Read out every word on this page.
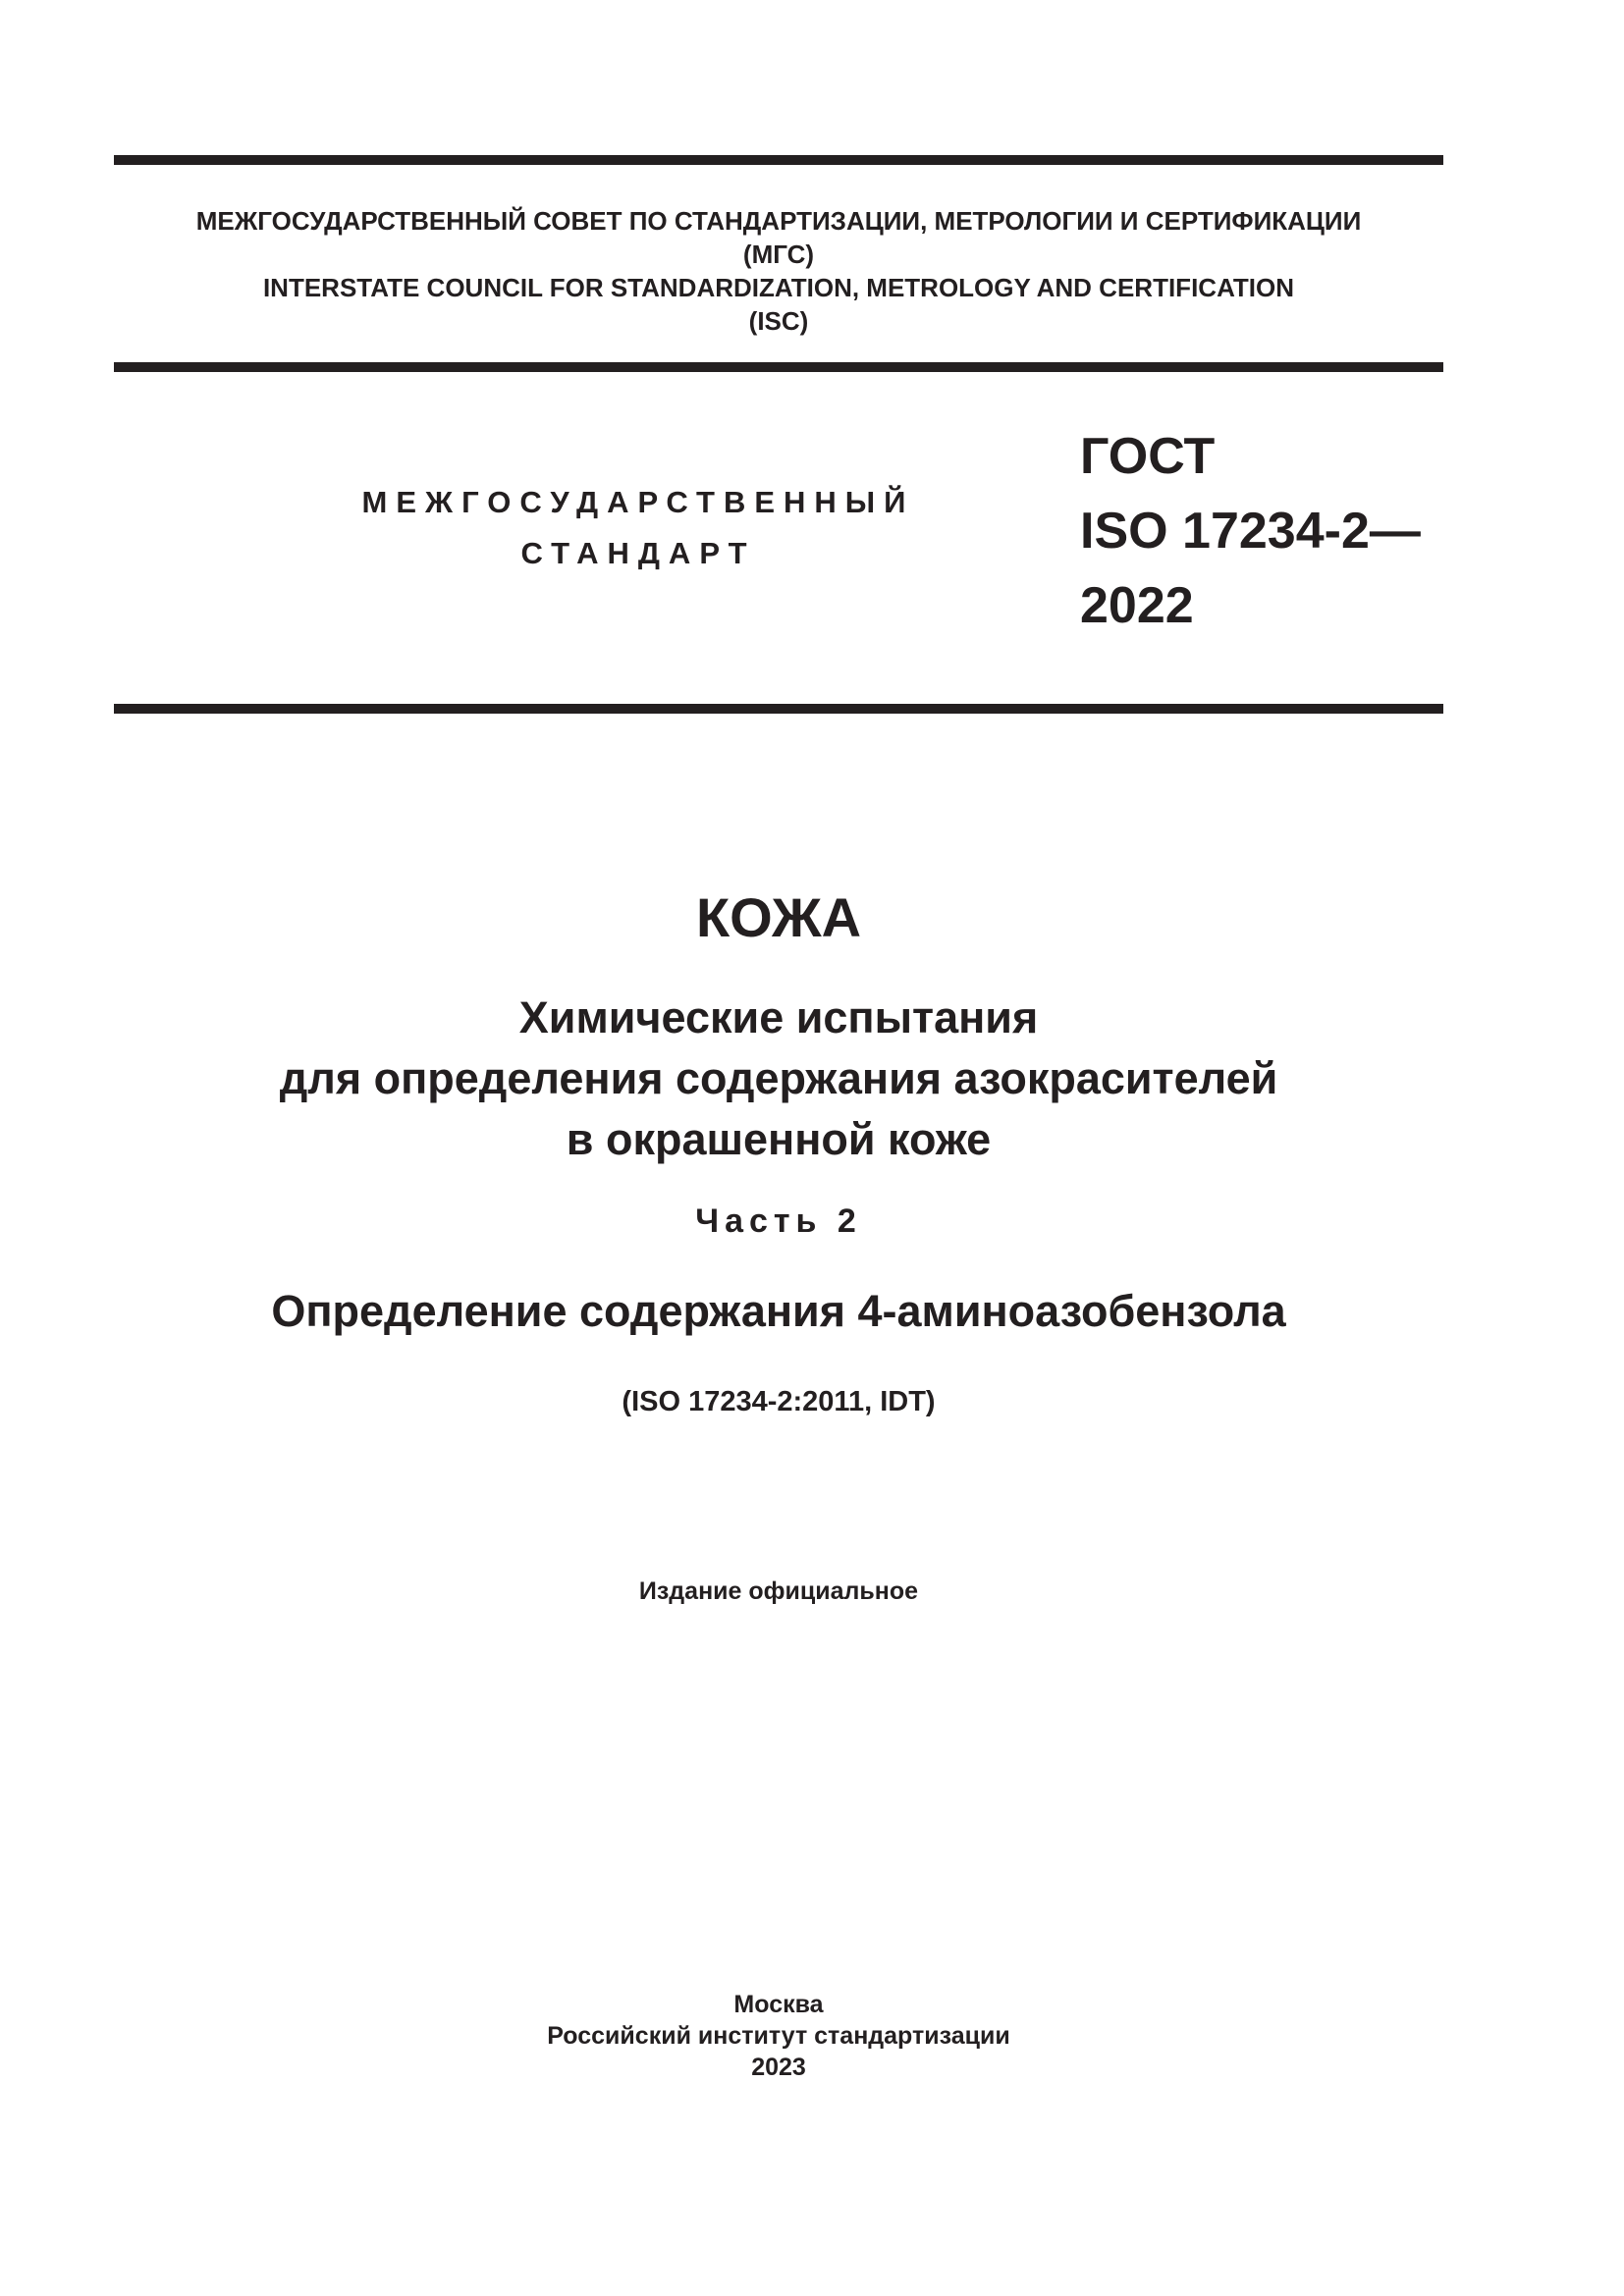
МЕЖГОСУДАРСТВЕННЫЙ СОВЕТ ПО СТАНДАРТИЗАЦИИ, МЕТРОЛОГИИ И СЕРТИФИКАЦИИ
(МГС)
INTERSTATE COUNCIL FOR STANDARDIZATION, METROLOGY AND CERTIFICATION
(ISC)
МЕЖГОСУДАРСТВЕННЫЙ
СТАНДАРТ
ГОСТ
ISO 17234-2—
2022
КОЖА
Химические испытания
для определения содержания азокрасителей
в окрашенной коже
Часть 2
Определение содержания 4-аминоазобензола
(ISO 17234-2:2011, IDT)
Издание официальное
Москва
Российский институт стандартизации
2023
